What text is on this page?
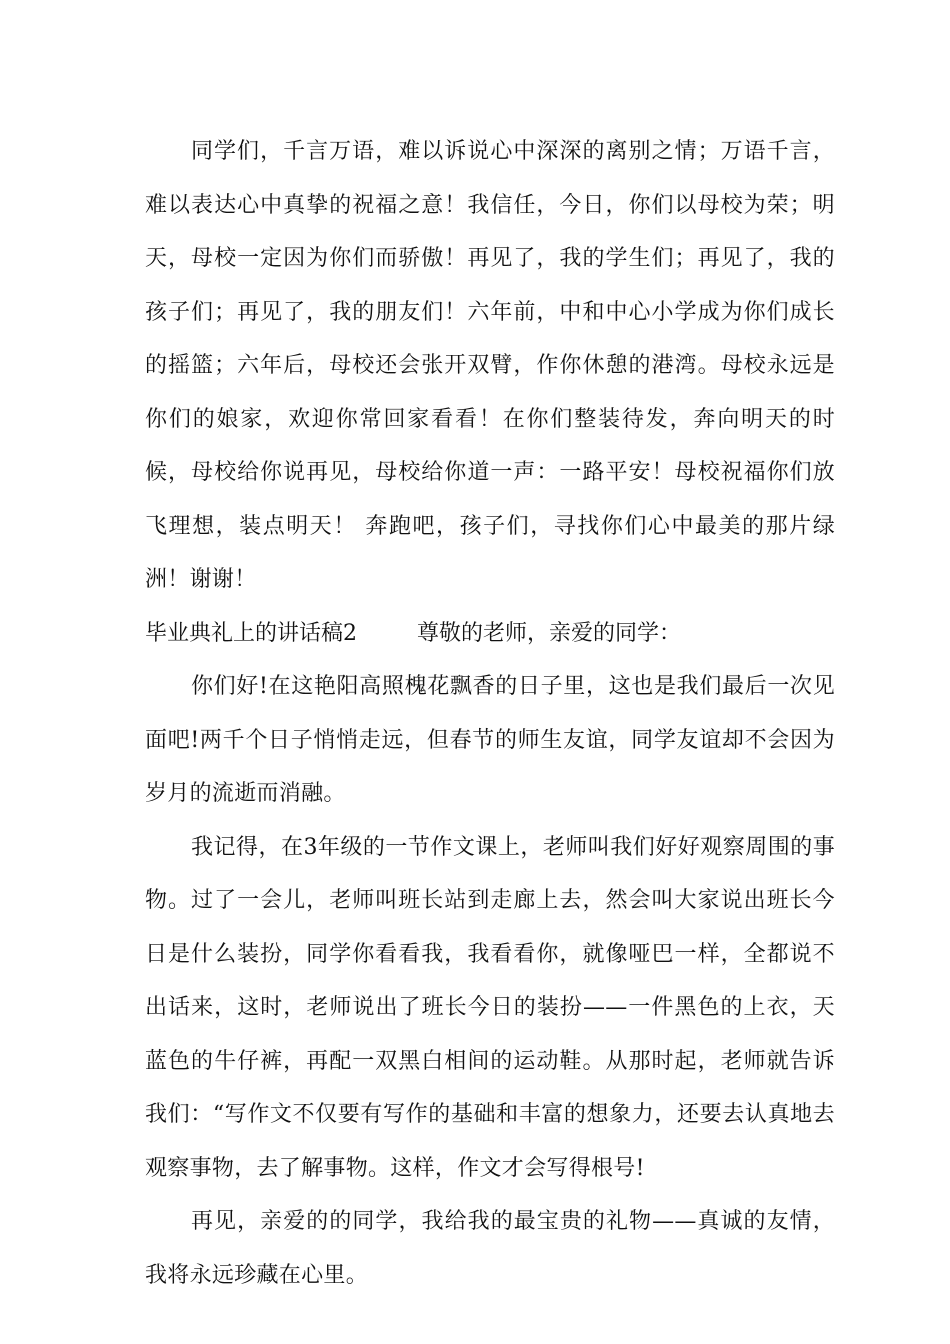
同学们，千言万语，难以诉说心中深深的离别之情；万语千言，难以表达心中真挚的祝福之意！我信任，今日，你们以母校为荣；明天，母校一定因为你们而骄傲！再见了，我的学生们；再见了，我的孩子们；再见了，我的朋友们！六年前，中和中心小学成为你们成长的摇篮；六年后，母校还会张开双臂，作你休憩的港湾。母校永远是你们的娘家，欢迎你常回家看看！在你们整装待发，奔向明天的时候，母校给你说再见，母校给你道一声：一路平安！母校祝福你们放飞理想，装点明天！ 奔跑吧，孩子们，寻找你们心中最美的那片绿洲！谢谢！

毕业典礼上的讲话稿2	尊敬的老师，亲爱的同学：

你们好!在这艳阳高照槐花飘香的日子里，这也是我们最后一次见面吧!两千个日子悄悄走远，但春节的师生友谊，同学友谊却不会因为岁月的流逝而消融。

我记得，在3年级的一节作文课上，老师叫我们好好观察周围的事物。过了一会儿，老师叫班长站到走廊上去，然会叫大家说出班长今日是什么装扮，同学你看看我，我看看你，就像哑巴一样，全都说不出话来，这时，老师说出了班长今日的装扮——一件黑色的上衣，天蓝色的牛仔裤，再配一双黑白相间的运动鞋。从那时起，老师就告诉我们：“写作文不仅要有写作的基础和丰富的想象力，还要去认真地去观察事物，去了解事物。这样，作文才会写得根号!

再见，亲爱的的同学，我给我的最宝贵的礼物——真诚的友情，我将永远珍藏在心里。
